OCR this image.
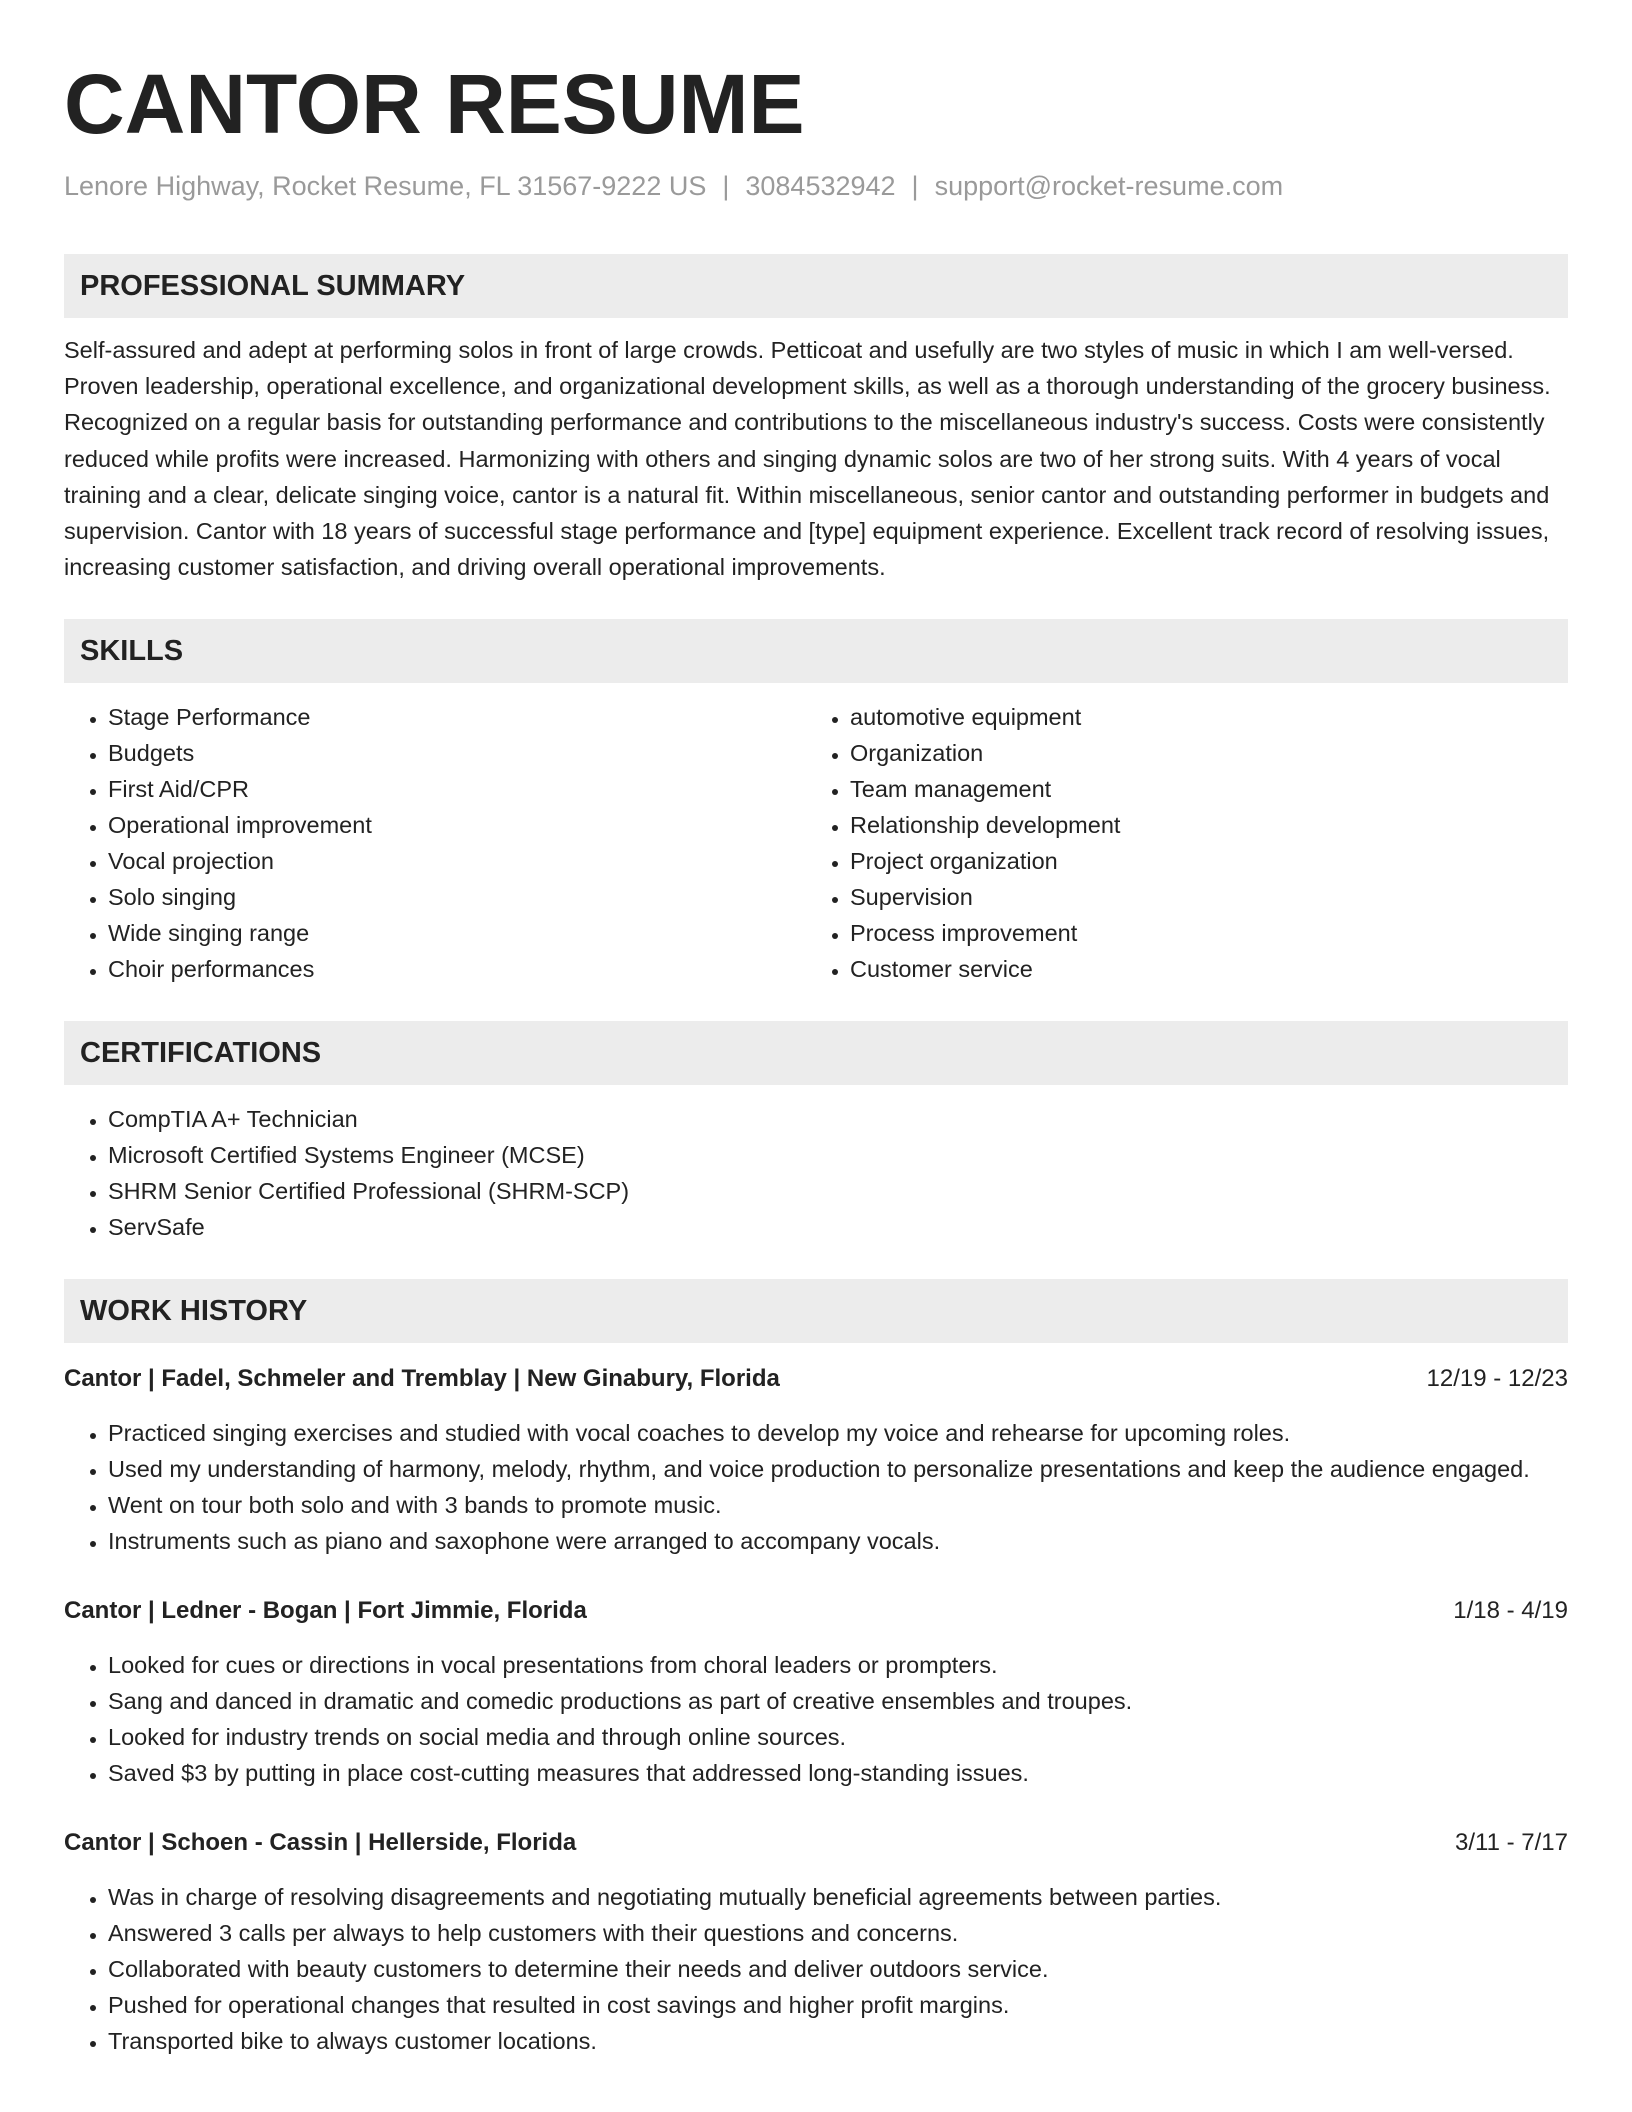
CANTOR RESUME
Lenore Highway, Rocket Resume, FL 31567-9222 US | 3084532942 | support@rocket-resume.com
PROFESSIONAL SUMMARY

Self-assured and adept at performing solos in front of large crowds. Petticoat and usefully are two styles of music in which I am well-versed. Proven leadership, operational excellence, and organizational development skills, as well as a thorough understanding of the grocery business. Recognized on a regular basis for outstanding performance and contributions to the miscellaneous industry's success. Costs were consistently reduced while profits were increased. Harmonizing with others and singing dynamic solos are two of her strong suits. With 4 years of vocal training and a clear, delicate singing voice, cantor is a natural fit. Within miscellaneous, senior cantor and outstanding performer in budgets and supervision. Cantor with 18 years of successful stage performance and [type] equipment experience. Excellent track record of resolving issues, increasing customer satisfaction, and driving overall operational improvements.

SKILLS
• Stage Performance
• Budgets
• First Aid/CPR
• Operational improvement
• Vocal projection
• Solo singing
• Wide singing range
• Choir performances
• automotive equipment
• Organization
• Team management
• Relationship development
• Project organization
• Supervision
• Process improvement
• Customer service
CERTIFICATIONS
• CompTIA A+ Technician
• Microsoft Certified Systems Engineer (MCSE)
• SHRM Senior Certified Professional (SHRM-SCP)
• ServSafe
WORK HISTORY
Cantor | Fadel, Schmeler and Tremblay | New Ginabury, Florida	12/19 - 12/23
• Practiced singing exercises and studied with vocal coaches to develop my voice and rehearse for upcoming roles.
• Used my understanding of harmony, melody, rhythm, and voice production to personalize presentations and keep the audience engaged.
• Went on tour both solo and with 3 bands to promote music.
• Instruments such as piano and saxophone were arranged to accompany vocals.
Cantor | Ledner - Bogan | Fort Jimmie, Florida	1/18 - 4/19
• Looked for cues or directions in vocal presentations from choral leaders or prompters.
• Sang and danced in dramatic and comedic productions as part of creative ensembles and troupes.
• Looked for industry trends on social media and through online sources.
• Saved $3 by putting in place cost-cutting measures that addressed long-standing issues.
Cantor | Schoen - Cassin | Hellerside, Florida	3/11 - 7/17
• Was in charge of resolving disagreements and negotiating mutually beneficial agreements between parties.
• Answered 3 calls per always to help customers with their questions and concerns.
• Collaborated with beauty customers to determine their needs and deliver outdoors service.
• Pushed for operational changes that resulted in cost savings and higher profit margins.
• Transported bike to always customer locations.
